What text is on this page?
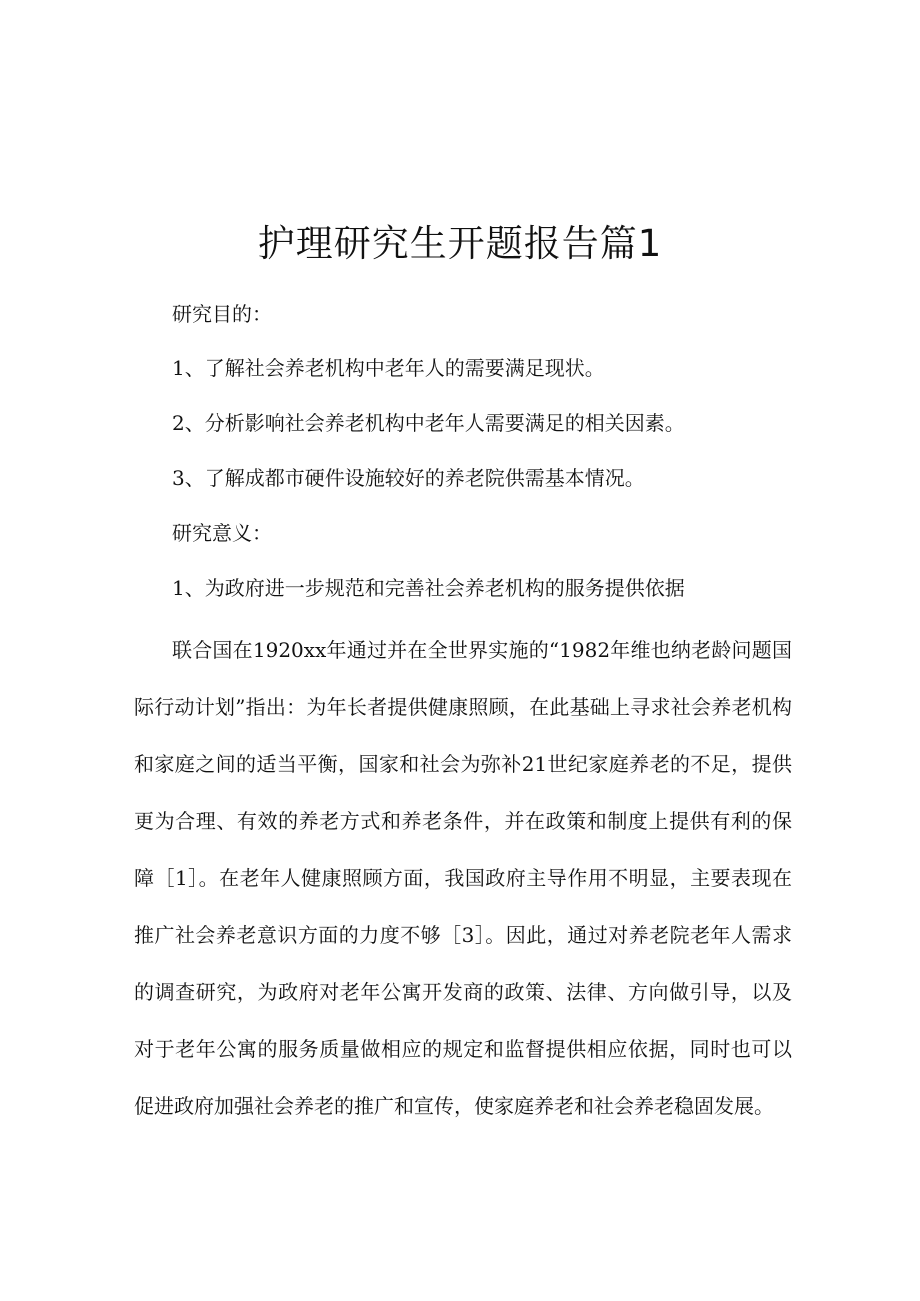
护理研究生开题报告篇1
研究目的：
1、了解社会养老机构中老年人的需要满足现状。
2、分析影响社会养老机构中老年人需要满足的相关因素。
3、了解成都市硬件设施较好的养老院供需基本情况。
研究意义：
1、为政府进一步规范和完善社会养老机构的服务提供依据

联合国在1920xx年通过并在全世界实施的“1982年维也纳老龄问题国际行动计划”指出：为年长者提供健康照顾，在此基础上寻求社会养老机构和家庭之间的适当平衡，国家和社会为弥补21世纪家庭养老的不足，提供更为合理、有效的养老方式和养老条件，并在政策和制度上提供有利的保障［1］。在老年人健康照顾方面，我国政府主导作用不明显，主要表现在推广社会养老意识方面的力度不够［3］。因此，通过对养老院老年人需求的调查研究，为政府对老年公寓开发商的政策、法律、方向做引导，以及对于老年公寓的服务质量做相应的规定和监督提供相应依据，同时也可以促进政府加强社会养老的推广和宣传，使家庭养老和社会养老稳固发展。
